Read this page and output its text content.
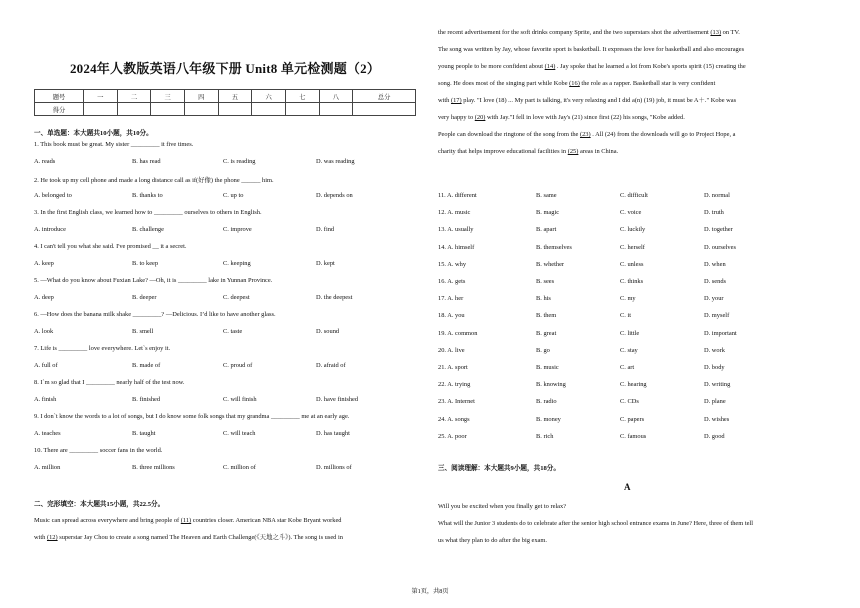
2024年人教版英语八年级下册 Unit8 单元检测题（2）
题号	一	二	三	四	五	六	七	八	总分
得分									
一、单选题：本大题共10小题，共10分。
1. This book must be great. My sister _________ it five times.
A. reads	B. has read	C. is reading	D. was reading
2. He took up my cell phone and made a long distance call as if(好像) the phone ______ him.
A. belonged to	B. thanks to	C. up to	D. depends on
3. In the first English class, we learned how to _________ ourselves to others in English.
A. introduce	B. challenge	C. improve	D. find
4. I can't tell you what she said. I've promised __ it a secret.
A. keep	B. to keep	C. keeping	D. kept
5. —What do you know about Fuxian Lake? —Oh, it is _________ lake in Yunnan Province.
A. deep	B. deeper	C. deepest	D. the deepest
6. —How does the banana milk shake _________? —Delicious. I’d like to have another glass.
A. look	B. smell	C. taste	D. sound
7. Life is _________ love everywhere. Let`s enjoy it.
A. full of	B. made of	C. proud of	D. afraid of
8. I`m so glad that I _________ nearly half of the test now.
A. finish	B. finished	C. will finish	D. have finished
9. I don`t know the words to a lot of songs, but I do know some folk songs that my grandma _________ me at an early age.
A. teaches	B. taught	C. will teach	D. has taught
10. There are _________ soccer fans in the world.
A. million	B. three millions	C. million of	D. millions of
二、完形填空：本大题共15小题，共22.5分。
Music can spread across everywhere and bring people of (11) countries closer. American NBA star Kobe Bryant worked
with (12) superstar Jay Chou to create a song named The Heaven and Earth Challenge(《天地之斗》). The song is used in
the recent advertisement for the soft drinks company Sprite, and the two superstars shot the advertisement (13) on TV.
The song was written by Jay, whose favorite sport is basketball. It expresses the love for basketball and also encourages
young people to be more confident about (14) . Jay spoke that he learned a lot from Kobe's sports spirit (15) creating the
song. He does most of the singing part while Kobe (16) the role as a rapper. Basketball star is very confident
with (17) play. "I love (18) ... My part is talking, it's very relaxing and I did a(n) (19) job, it must be A＋." Kobe was
very happy to (20) with Jay."I fell in love with Jay's (21) since first (22) his songs, "Kobe added.
People can download the ringtone of the song from the (23) . All (24) from the downloads will go to Project Hope, a
charity that helps improve educational facilities in (25) areas in China.
11. A. different	B. same	C. difficult	D. normal
12. A. music	B. magic	C. voice	D. truth
13. A. usually	B. apart	C. luckily	D. together
14. A. himself	B. themselves	C. herself	D. ourselves
15. A. why	B. whether	C. unless	D. when
16. A. gets	B. sees	C. thinks	D. sends
17. A. her	B. his	C. my	D. your
18. A. you	B. them	C. it	D. myself
19. A. common	B. great	C. little	D. important
20. A. live	B. go	C. stay	D. work
21. A. sport	B. music	C. art	D. body
22. A. trying	B. knowing	C. hearing	D. writing
23. A. Internet	B. radio	C. CDs	D. plane
24. A. songs	B. money	C. papers	D. wishes
25. A. poor	B. rich	C. famous	D. good
三、阅读理解：本大题共9小题，共18分。
A
Will you be excited when you finally get to relax?
What will the Junior 3 students do to celebrate after the senior high school entrance exams in June? Here, three of them tell
us what they plan to do after the big exam.
第1页，共8页
